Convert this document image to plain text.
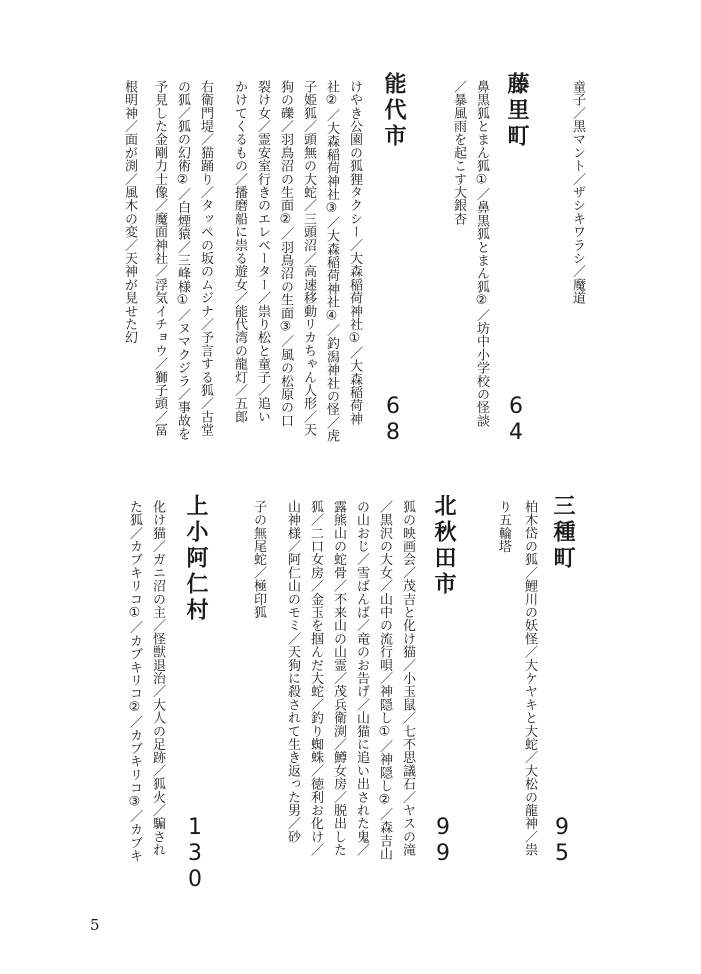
童子／黒マント／ザシキワラシ／魔道
藤里町
6
4
鼻黒狐とまん狐①／鼻黒狐とまん狐②／坊中小学校の怪談
／暴風雨を起こす大銀杏
能代市
6
8
けやき公園の狐狸タクシー／大森稲荷神社①／大森稲荷神
社②／大森稲荷神社③／大森稲荷神社④／釣潟神社の怪／虎
子姫狐／頭無の大蛇／三頭沼／高速移動リカちゃん人形／天
狗の礫／羽鳥沼の生面②／羽鳥沼の生面③／風の松原の口
裂け女／霊安室行きのエレベーター／祟り松と童子／追い
かけてくるもの／播磨船に祟る遊女／能代湾の龍灯／五郎
右衛門堤／猫踊り／タッペの坂のムジナ／予言する狐／古堂
の狐／狐の幻術②／白煙猿／三峰様①／ヌマクジラ／事故を
予見した金剛力士像／魔面神社／浮気イチョウ／獅子頭／冨
根明神／面が渕／風木の変／天神が見せた幻
三種町
9
5
柏木岱の狐／鯉川の妖怪／大ケヤキと大蛇／大松の龍神／祟
り五輪塔
北秋田市
9
9
狐の映画会／茂吉と化け猫／小玉鼠／七不思議石／ヤスの滝
／黒沢の大女／山中の流行唄／神隠し①／神隠し②／森吉山
の山おじ／雪ばんば／竜のお告げ／山猫に追い出された鬼／
露熊山の蛇骨／不来山の山霊／茂兵衛渕／鱒女房／脱出した
狐／二口女房／金玉を掴んだ大蛇／釣り蜘蛛／徳利お化け／
山神様／阿仁山のモミ／天狗に殺されて生き返った男／砂
子の無尾蛇／極印狐
上小阿仁村
1
3
0
化け猫／ガニ沼の主／怪獣退治／大人の足跡／狐火／騙され
た狐／カブキリコ①／カブキリコ②／カブキリコ③／カブキ
5
